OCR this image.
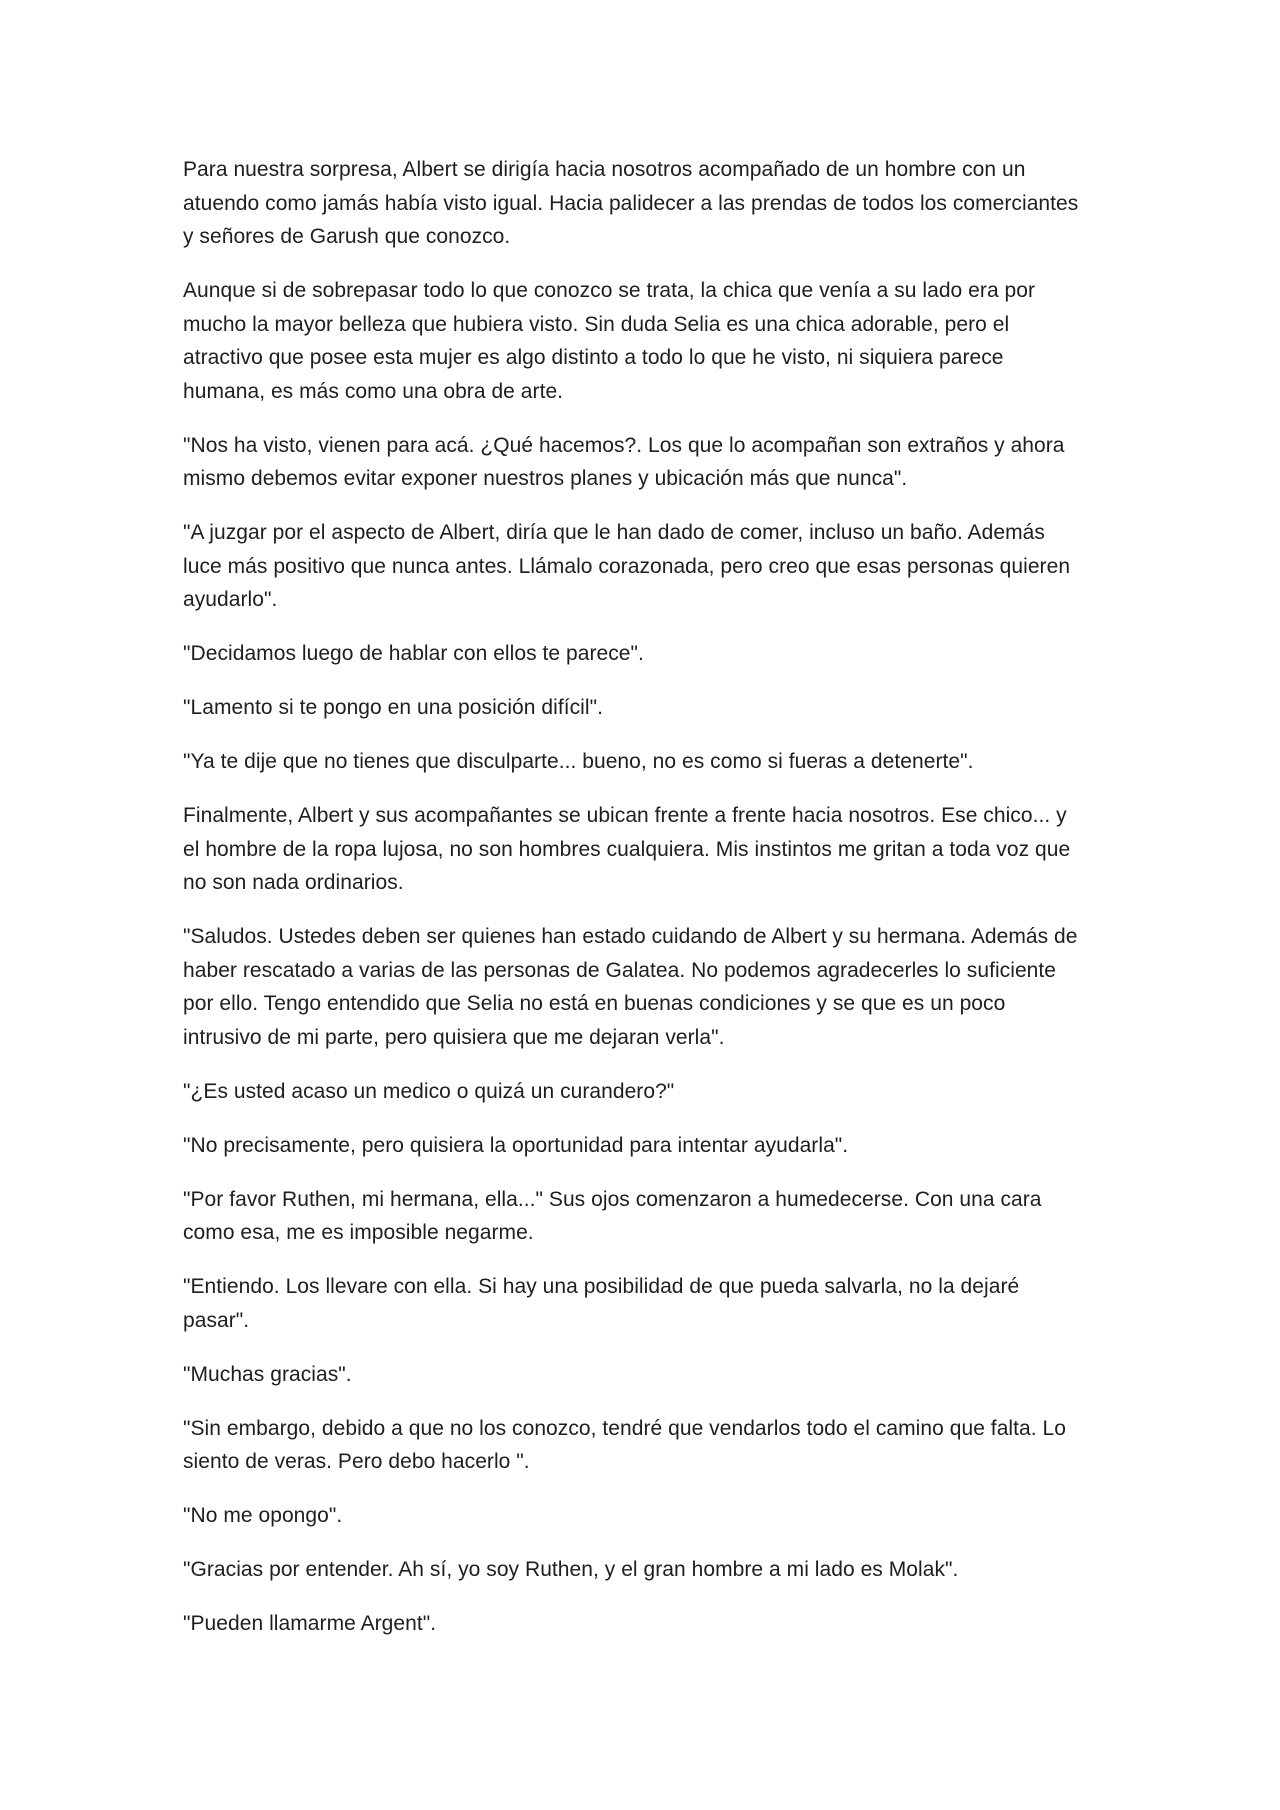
Para nuestra sorpresa, Albert se dirigía hacia nosotros acompañado de un hombre con un
atuendo como jamás había visto igual. Hacia palidecer a las prendas de todos los comerciantes
y señores de Garush que conozco.

Aunque si de sobrepasar todo lo que conozco se trata, la chica que venía a su lado era por
mucho la mayor belleza que hubiera visto. Sin duda Selia es una chica adorable, pero el
atractivo que posee esta mujer es algo distinto a todo lo que he visto, ni siquiera parece
humana, es más como una obra de arte.

"Nos ha visto, vienen para acá. ¿Qué hacemos?. Los que lo acompañan son extraños y ahora
mismo debemos evitar exponer nuestros planes y ubicación más que nunca".

"A juzgar por el aspecto de Albert, diría que le han dado de comer, incluso un baño. Además
luce más positivo que nunca antes. Llámalo corazonada, pero creo que esas personas quieren
ayudarlo".

"Decidamos luego de hablar con ellos te parece".

"Lamento si te pongo en una posición difícil".

"Ya te dije que no tienes que disculparte... bueno, no es como si fueras a detenerte".

Finalmente, Albert y sus acompañantes se ubican frente a frente hacia nosotros. Ese chico... y
el hombre de la ropa lujosa, no son hombres cualquiera. Mis instintos me gritan a toda voz que
no son nada ordinarios.

"Saludos. Ustedes deben ser quienes han estado cuidando de Albert y su hermana. Además de
haber rescatado a varias de las personas de Galatea. No podemos agradecerles lo suficiente
por ello. Tengo entendido que Selia no está en buenas condiciones y se que es un poco
intrusivo de mi parte, pero quisiera que me dejaran verla".

"¿Es usted acaso un medico o quizá un curandero?"

"No precisamente, pero quisiera la oportunidad para intentar ayudarla".

"Por favor Ruthen, mi hermana, ella..." Sus ojos comenzaron a humedecerse. Con una cara
como esa, me es imposible negarme.

"Entiendo. Los llevare con ella. Si hay una posibilidad de que pueda salvarla, no la dejaré
pasar".

"Muchas gracias".

"Sin embargo, debido a que no los conozco, tendré que vendarlos todo el camino que falta. Lo
siento de veras. Pero debo hacerlo ".

"No me opongo".

"Gracias por entender. Ah sí, yo soy Ruthen, y el gran hombre a mi lado es Molak".

"Pueden llamarme Argent".
